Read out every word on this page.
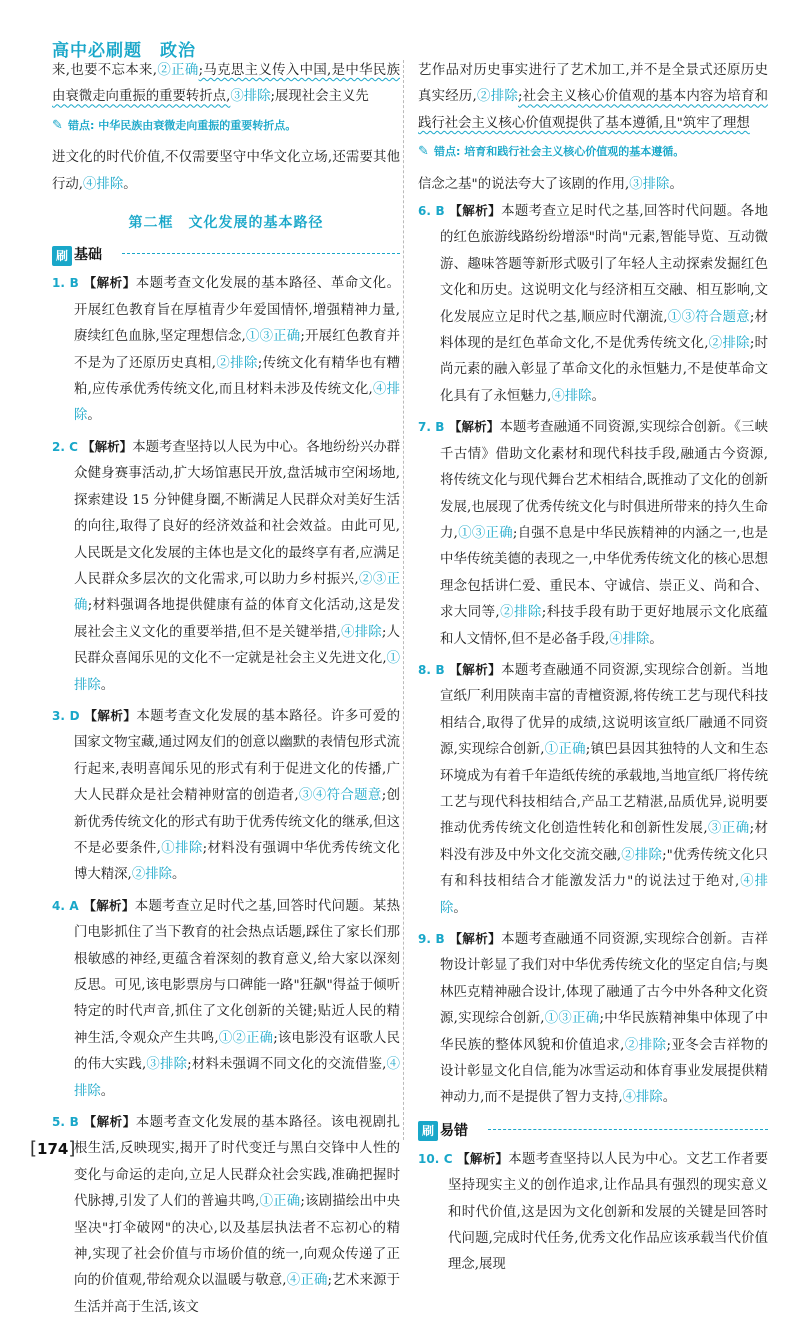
高中必刷题　政治

来,也要不忘本来,②正确;马克思主义传入中国,是中华民族由衰微走向重振的重要转折点,③排除;展现社会主义先

✎ 错点: 中华民族由衰微走向重振的重要转折点。

进文化的时代价值,不仅需要坚守中华文化立场,还需要其他行动,④排除。

第二框　文化发展的基本路径
刷 基础

1. B 【解析】本题考查文化发展的基本路径、革命文化。开展红色教育旨在厚植青少年爱国情怀,增强精神力量,赓续红色血脉,坚定理想信念,①③正确;开展红色教育并不是为了还原历史真相,②排除;传统文化有精华也有糟粕,应传承优秀传统文化,而且材料未涉及传统文化,④排除。

2. C 【解析】本题考查坚持以人民为中心。各地纷纷兴办群众健身赛事活动,扩大场馆惠民开放,盘活城市空闲场地,探索建设 15 分钟健身圈,不断满足人民群众对美好生活的向往,取得了良好的经济效益和社会效益。由此可见,人民既是文化发展的主体也是文化的最终享有者,应满足人民群众多层次的文化需求,可以助力乡村振兴,②③正确;材料强调各地提供健康有益的体育文化活动,这是发展社会主义文化的重要举措,但不是关键举措,④排除;人民群众喜闻乐见的文化不一定就是社会主义先进文化,①排除。

3. D 【解析】本题考查文化发展的基本路径。许多可爱的国家文物宝藏,通过网友们的创意以幽默的表情包形式流行起来,表明喜闻乐见的形式有利于促进文化的传播,广大人民群众是社会精神财富的创造者,③④符合题意;创新优秀传统文化的形式有助于优秀传统文化的继承,但这不是必要条件,①排除;材料没有强调中华优秀传统文化博大精深,②排除。

4. A 【解析】本题考查立足时代之基,回答时代问题。某热门电影抓住了当下教育的社会热点话题,踩住了家长们那根敏感的神经,更蕴含着深刻的教育意义,给大家以深刻反思。可见,该电影票房与口碑能一路"狂飙"得益于倾听特定的时代声音,抓住了文化创新的关键;贴近人民的精神生活,令观众产生共鸣,①②正确;该电影没有讴歌人民的伟大实践,③排除;材料未强调不同文化的交流借鉴,④排除。

5. B 【解析】本题考查文化发展的基本路径。该电视剧扎根生活,反映现实,揭开了时代变迁与黑白交锋中人性的变化与命运的走向,立足人民群众社会实践,准确把握时代脉搏,引发了人们的普遍共鸣,①正确;该剧描绘出中央坚决"打伞破网"的决心,以及基层执法者不忘初心的精神,实现了社会价值与市场价值的统一,向观众传递了正向的价值观,带给观众以温暖与敬意,④正确;艺术来源于生活并高于生活,该文

艺作品对历史事实进行了艺术加工,并不是全景式还原历史真实经历,②排除;社会主义核心价值观的基本内容为培育和践行社会主义核心价值观提供了基本遵循,且"筑牢了理想

✎ 错点: 培育和践行社会主义核心价值观的基本遵循。

信念之基"的说法夸大了该剧的作用,③排除。

6. B 【解析】本题考查立足时代之基,回答时代问题。各地的红色旅游线路纷纷增添"时尚"元素,智能导览、互动微游、趣味答题等新形式吸引了年轻人主动探索发掘红色文化和历史。这说明文化与经济相互交融、相互影响,文化发展应立足时代之基,顺应时代潮流,①③符合题意;材料体现的是红色革命文化,不是优秀传统文化,②排除;时尚元素的融入彰显了革命文化的永恒魅力,不是使革命文化具有了永恒魅力,④排除。

7. B 【解析】本题考查融通不同资源,实现综合创新。《三峡千古情》借助文化素材和现代科技手段,融通古今资源,将传统文化与现代舞台艺术相结合,既推动了文化的创新发展,也展现了优秀传统文化与时俱进所带来的持久生命力,①③正确;自强不息是中华民族精神的内涵之一,也是中华传统美德的表现之一,中华优秀传统文化的核心思想理念包括讲仁爱、重民本、守诚信、崇正义、尚和合、求大同等,②排除;科技手段有助于更好地展示文化底蕴和人文情怀,但不是必备手段,④排除。

8. B 【解析】本题考查融通不同资源,实现综合创新。当地宣纸厂利用陕南丰富的青檀资源,将传统工艺与现代科技相结合,取得了优异的成绩,这说明该宣纸厂融通不同资源,实现综合创新,①正确;镇巴县因其独特的人文和生态环境成为有着千年造纸传统的承载地,当地宣纸厂将传统工艺与现代科技相结合,产品工艺精湛,品质优异,说明要推动优秀传统文化创造性转化和创新性发展,③正确;材料没有涉及中外文化交流交融,②排除;"优秀传统文化只有和科技相结合才能激发活力"的说法过于绝对,④排除。

9. B 【解析】本题考查融通不同资源,实现综合创新。吉祥物设计彰显了我们对中华优秀传统文化的坚定自信;与奥林匹克精神融合设计,体现了融通了古今中外各种文化资源,实现综合创新,①③正确;中华民族精神集中体现了中华民族的整体风貌和价值追求,②排除;亚冬会吉祥物的设计彰显文化自信,能为冰雪运动和体育事业发展提供精神动力,而不是提供了智力支持,④排除。

刷 易错

10. C 【解析】本题考查坚持以人民为中心。文艺工作者要坚持现实主义的创作追求,让作品具有强烈的现实意义和时代价值,这是因为文化创新和发展的关键是回答时代问题,完成时代任务,优秀文化作品应该承载当代价值理念,展现

[174]
